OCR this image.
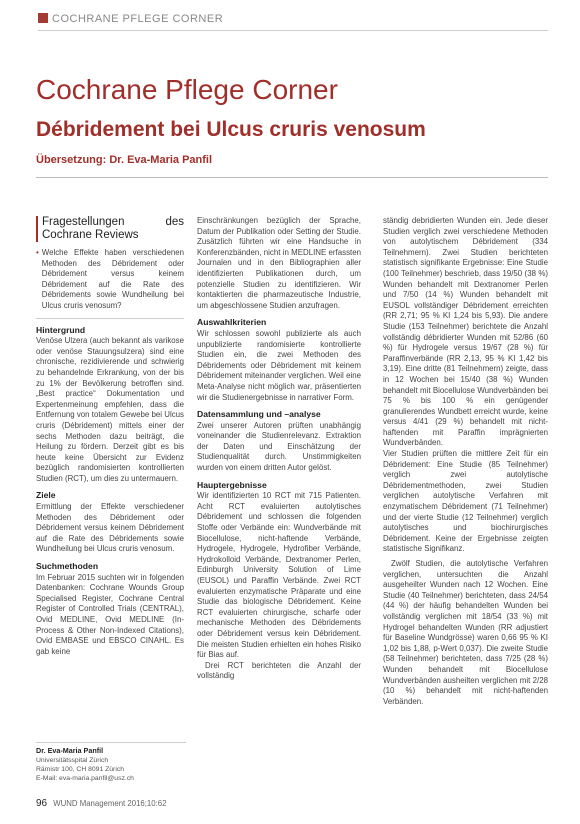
COCHRANE PFLEGE CORNER
Cochrane Pflege Corner
Débridement bei Ulcus cruris venosum
Übersetzung: Dr. Eva-Maria Panfil
Fragestellungen des Cochrane Reviews
• Welche Effekte haben verschiedenen Methoden des Débridement oder Débridement versus keinem Débridement auf die Rate des Débridements sowie Wundheilung bei Ulcus cruris venosum?

Hintergrund

Venöse Ulzera (auch bekannt als varikose oder venöse Stauungsulzera) sind eine chronische, rezidivierende und schwierig zu behandelnde Erkrankung, von der bis zu 1% der Bevölkerung betroffen sind. „Best practice“ Dokumentation und Expertenmeinung empfehlen, dass die Entfernung von totalem Gewebe bei Ulcus cruris (Débridement) mittels einer der sechs Methoden dazu beiträgt, die Heilung zu fördern. Derzeit gibt es bis heute keine Übersicht zur Evidenz bezüglich randomisierten kontrollierten Studien (RCT), um dies zu untermauern.

Ziele

Ermittlung der Effekte verschiedener Methoden des Débridement oder Débridement versus keinem Débridement auf die Rate des Débridements sowie Wundheilung bei Ulcus cruris venosum.

Suchmethoden

Im Februar 2015 suchten wir in folgenden Datenbanken: Cochrane Wounds Group Specialised Register, Cochrane Central Register of Controlled Trials (CENTRAL), Ovid MEDLINE, Ovid MEDLINE (In-Process & Other Non-Indexed Citations), Ovid EMBASE und EBSCO CINAHL. Es gab keine

Einschränkungen bezüglich der Sprache, Datum der Publikation oder Setting der Studie. Zusätzlich führten wir eine Handsuche in Konferenzbänden, nicht in MEDLINE erfassten Journalen und in den Bibliographien aller identifizierten Publikationen durch, um potenzielle Studien zu identifizieren. Wir kontaktierten die pharmazeutische Industrie, um abgeschlossene Studien anzufragen.

Auswahlkriterien

Wir schlossen sowohl publizierte als auch unpublizierte randomisierte kontrollierte Studien ein, die zwei Methoden des Débridements oder Débridement mit keinem Débridement miteinander verglichen. Weil eine Meta-Analyse nicht möglich war, präsentierten wir die Studienergebnisse in narrativer Form.

Datensammlung und –analyse

Zwei unserer Autoren prüften unabhängig voneinander die Studienrelevanz. Extraktion der Daten und Einschätzung der Studienqualität durch. Unstimmigkeiten wurden von einem dritten Autor gelöst.

Hauptergebnisse

Wir identifizierten 10 RCT mit 715 Patienten. Acht RCT evaluierten autolytisches Débridement und schlossen die folgenden Stoffe oder Verbände ein: Wundverbände mit Biocellulose, nicht-haftende Verbände, Hydrogele, Hydrogele, Hydrofiber Verbände, Hydrokolloid Verbände, Dextranomer Perlen, Edinburgh University Solution of Lime (EUSOL) und Paraffin Verbände. Zwei RCT evaluierten enzymatische Präparate und eine Studie das biologische Débridement. Keine RCT evaluierten chirurgische, scharfe oder mechanische Methoden des Débridements oder Débridement versus kein Débridement. Die meisten Studien erhielten ein hohes Risiko für Bias auf.

Drei RCT berichteten die Anzahl der vollständig

ständig debridierten Wunden ein. Jede dieser Studien verglich zwei verschiedene Methoden von autolytischem Débridement (334 Teilnehmern). Zwei Studien berichteten statistisch signifikante Ergebnisse: Eine Studie (100 Teilnehmer) beschrieb, dass 19/50 (38 %) Wunden behandelt mit Dextranomer Perlen und 7/50 (14 %) Wunden behandelt mit EUSOL vollständiger Débridement erreichten (RR 2,71; 95 % KI 1,24 bis 5,93). Die andere Studie (153 Teilnehmer) berichtete die Anzahl vollständig débridierter Wunden mit 52/86 (60 %) für Hydrogele versus 19/67 (28 %) für Paraffinverbände (RR 2,13, 95 % KI 1,42 bis 3,19). Eine dritte (81 Teilnehmern) zeigte, dass in 12 Wochen bei 15/40 (38 %) Wunden behandelt mit Biocellulose Wundverbänden bei 75 % bis 100 % ein genügender granulierendes Wundbett erreicht wurde, keine versus 4/41 (29 %) behandelt mit nicht-haftenden mit Paraffin imprägnierten Wundverbänden.

Vier Studien prüften die mittlere Zeit für ein Débridement: Eine Studie (85 Teilnehmer) verglich zwei autolytische Débridementmethoden, zwei Studien verglichen autolytische Verfahren mit enzymatischem Débridement (71 Teilnehmer) und der vierte Studie (12 Teilnehmer) verglich autolytisches und biochirurgisches Débridement. Keine der Ergebnisse zeigten statistische Signifikanz.

Zwölf Studien, die autolytische Verfahren verglichen, untersuchten die Anzahl ausgeheilter Wunden nach 12 Wochen. Eine Studie (40 Teilnehmer) berichteten, dass 24/54 (44 %) der häufig behandelten Wunden bei vollständig verglichen mit 18/54 (33 %) mit Hydrogel behandelten Wunden (RR adjustiert für Baseline Wundgrösse) waren 0,66 95 % KI 1,02 bis 1,88, p-Wert 0,037). Die zweite Studie (58 Teilnehmer) berichteten, dass 7/25 (28 %) Wunden behandelt mit Biocellulose Wundverbänden ausheilten verglichen mit 2/28 (10 %) behandelt mit nicht-haftenden Verbänden.

Dr. Eva-Maria Panfil
Universitätsspital Zürich
Rämistr 100, CH 8091 Zürich
E-Mail: eva-maria.panfil@usz.ch
96 WUND Management 2016;10:62
